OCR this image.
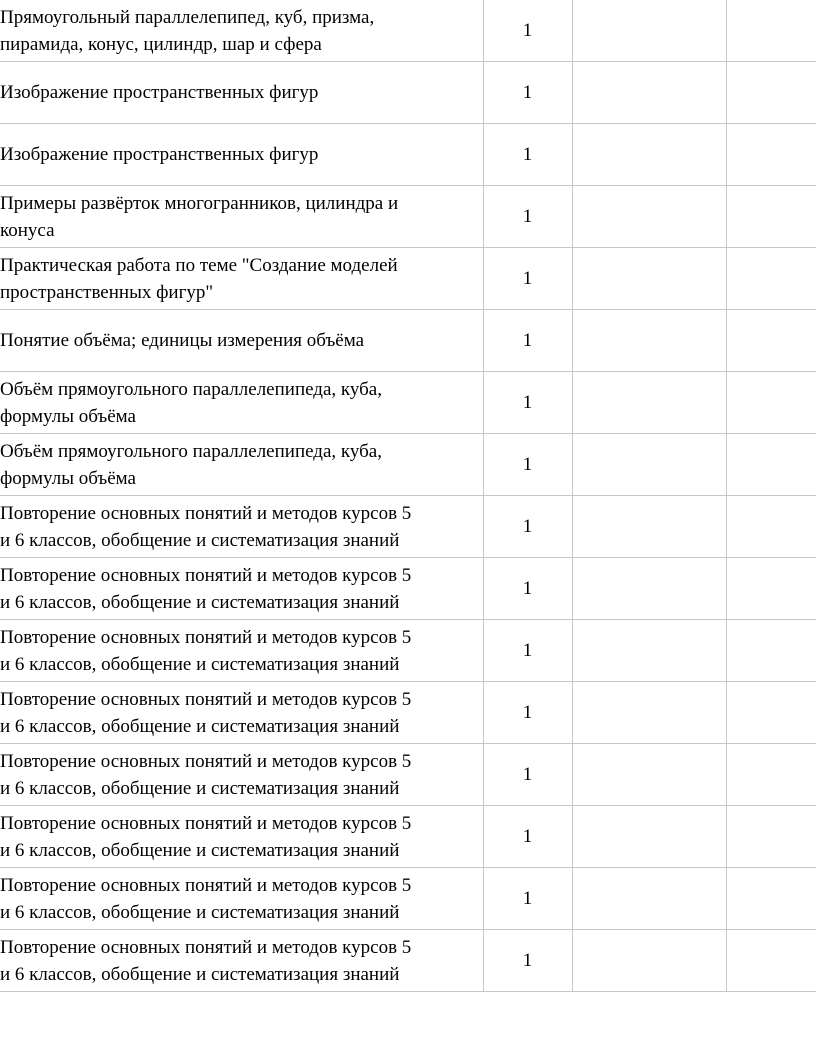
Прямоугольный параллелепипед, куб, призма,
пирамида, конус, цилиндр, шар и сфера	1		
Изображение пространственных фигур	1		
Изображение пространственных фигур	1		
Примеры развёрток многогранников, цилиндра и
конуса	1		
Практическая работа по теме "Создание моделей
пространственных фигур"	1		
Понятие объёма; единицы измерения объёма	1		
Объём прямоугольного параллелепипеда, куба,
формулы объёма	1		
Объём прямоугольного параллелепипеда, куба,
формулы объёма	1		
Повторение основных понятий и методов курсов 5
и 6 классов, обобщение и систематизация знаний	1		
Повторение основных понятий и методов курсов 5
и 6 классов, обобщение и систематизация знаний	1		
Повторение основных понятий и методов курсов 5
и 6 классов, обобщение и систематизация знаний	1		
Повторение основных понятий и методов курсов 5
и 6 классов, обобщение и систематизация знаний	1		
Повторение основных понятий и методов курсов 5
и 6 классов, обобщение и систематизация знаний	1		
Повторение основных понятий и методов курсов 5
и 6 классов, обобщение и систематизация знаний	1		
Повторение основных понятий и методов курсов 5
и 6 классов, обобщение и систематизация знаний	1		
Повторение основных понятий и методов курсов 5
и 6 классов, обобщение и систематизация знаний	1		
